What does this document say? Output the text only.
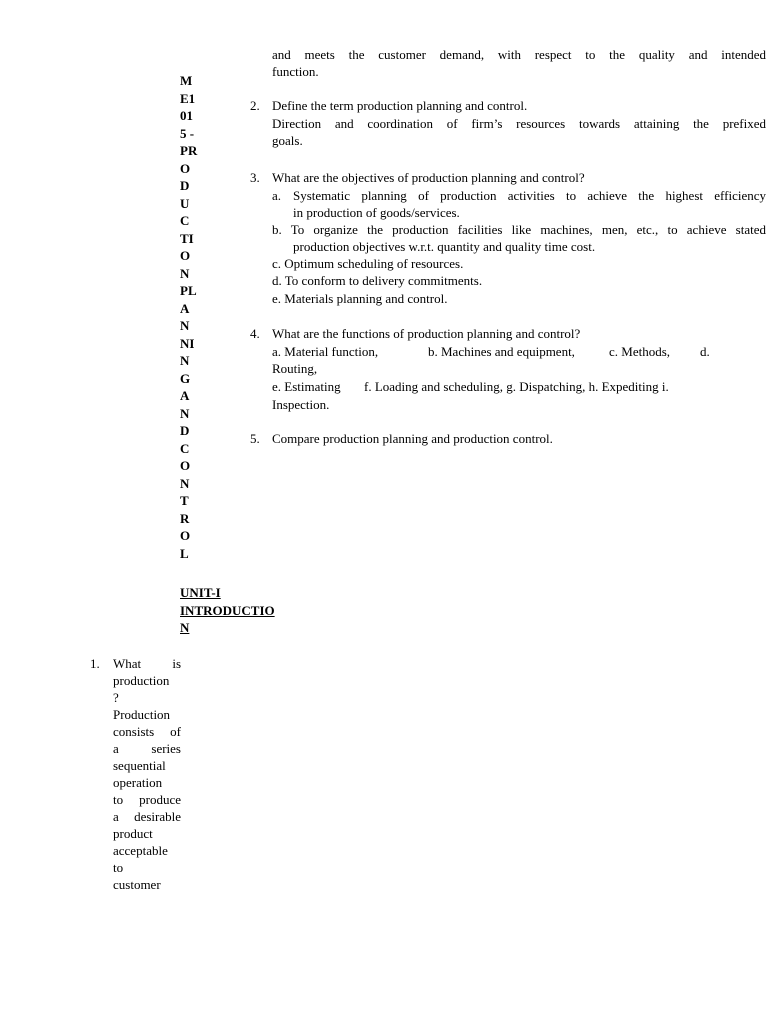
and meets the customer demand, with respect to the quality and intended
function.
M
E1
01
5 -
PR
O
D
U
C
TI
O
N
PL
A
N
NI
N
G
A
N
D
C
O
N
T
R
O
L
UNIT-I
INTRODUCTIO
N
1. What is
production
?
Production
consists of
a	series
sequential
operation
to produce
a desirable
product
acceptable
to
customer
2. Define the term production planning and control.
Direction and coordination of firm’s resources towards attaining the prefixed
goals.
3. What are the objectives of production planning and control?
a. Systematic planning of production activities to achieve the highest efficiency
in production of goods/services.
b. To organize the production facilities like machines, men, etc., to achieve stated
production objectives w.r.t. quantity and quality time cost.
c. Optimum scheduling of resources.
d. To conform to delivery commitments.
e. Materials planning and control.
4. What are the functions of production planning and control?
a. Material function,	b. Machines and equipment,	c. Methods, d.
Routing,
e. Estimating f. Loading and scheduling, g. Dispatching, h. Expediting i.
Inspection.
5. Compare production planning and production control.
